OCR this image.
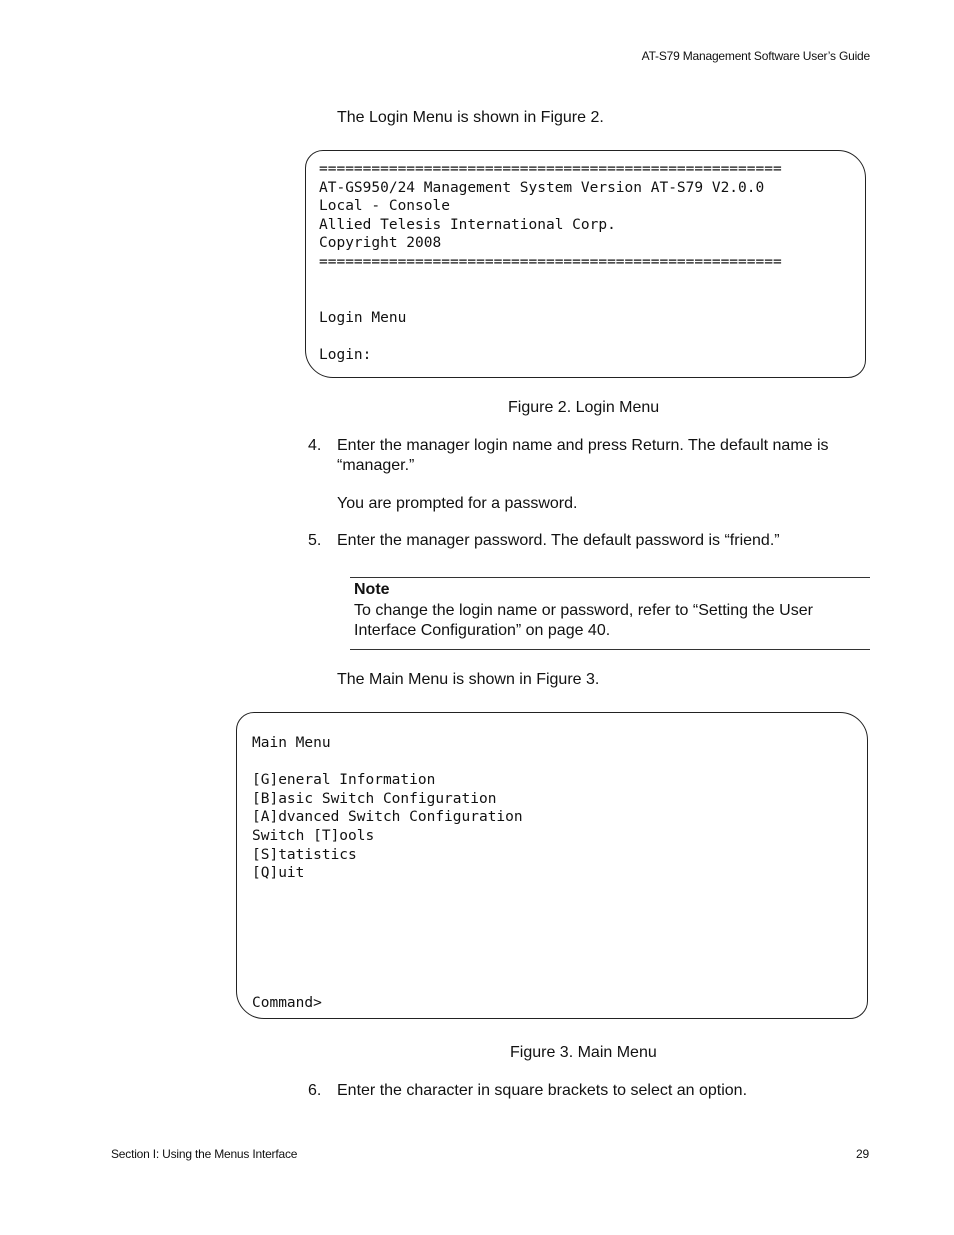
AT-S79 Management Software User’s Guide
The Login Menu is shown in Figure 2.
=====================================================
AT-GS950/24 Management System Version AT-S79 V2.0.0
Local - Console
Allied Telesis International Corp.
Copyright 2008
=====================================================

Login Menu

Login:
Figure 2. Login Menu
4. Enter the manager login name and press Return. The default name is “manager.”
You are prompted for a password.
5. Enter the manager password. The default password is “friend.”
Note
To change the login name or password, refer to “Setting the User Interface Configuration” on page 40.
The Main Menu is shown in Figure 3.
Main Menu

[G]eneral Information
[B]asic Switch Configuration
[A]dvanced Switch Configuration
Switch [T]ools
[S]tatistics
[Q]uit

Command>
Figure 3. Main Menu
6. Enter the character in square brackets to select an option.
Section I: Using the Menus Interface	29
